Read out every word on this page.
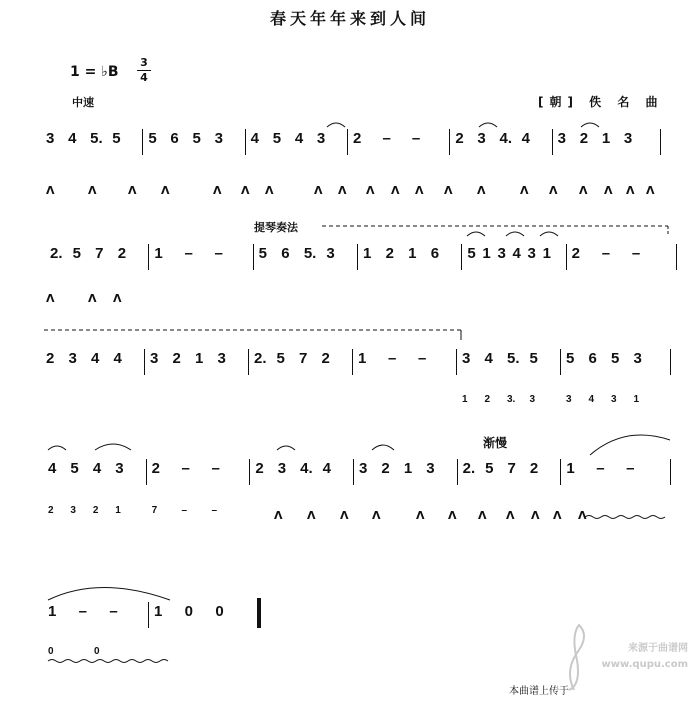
春天年年来到人间
1 = ♭B
3
4
中速	[朝] 佚 名 曲
提琴奏法
渐慢
本曲谱上传于
来源于曲谱网
www.qupu.com
3 4 5. 5 5 6 5 3 4 5 4 3 2 – – 2 3 4. 4 3 2 1 3
2. 5 7 2 1 – – 5 6 5. 3 1 2 1 6 5 1 3 4 3 1 2 – –
2 3 4 4 3 2 1 3 2. 5 7 2 1 – – 3 4 5. 5 5 6 5 3
1 2 3. 3	3 4 3 1
4 5 4 3 2 – – 2 3 4. 4 3 2 1 3 2. 5 7 2 1 – –
2 3 2 1	7 – –
1 – – 1 0 0
0	0
Λ	Λ	Λ Λ	Λ Λ Λ	Λ Λ Λ Λ Λ Λ Λ	Λ Λ Λ Λ Λ Λ
Λ	Λ Λ
Λ Λ Λ Λ	Λ Λ Λ Λ Λ Λ Λ
